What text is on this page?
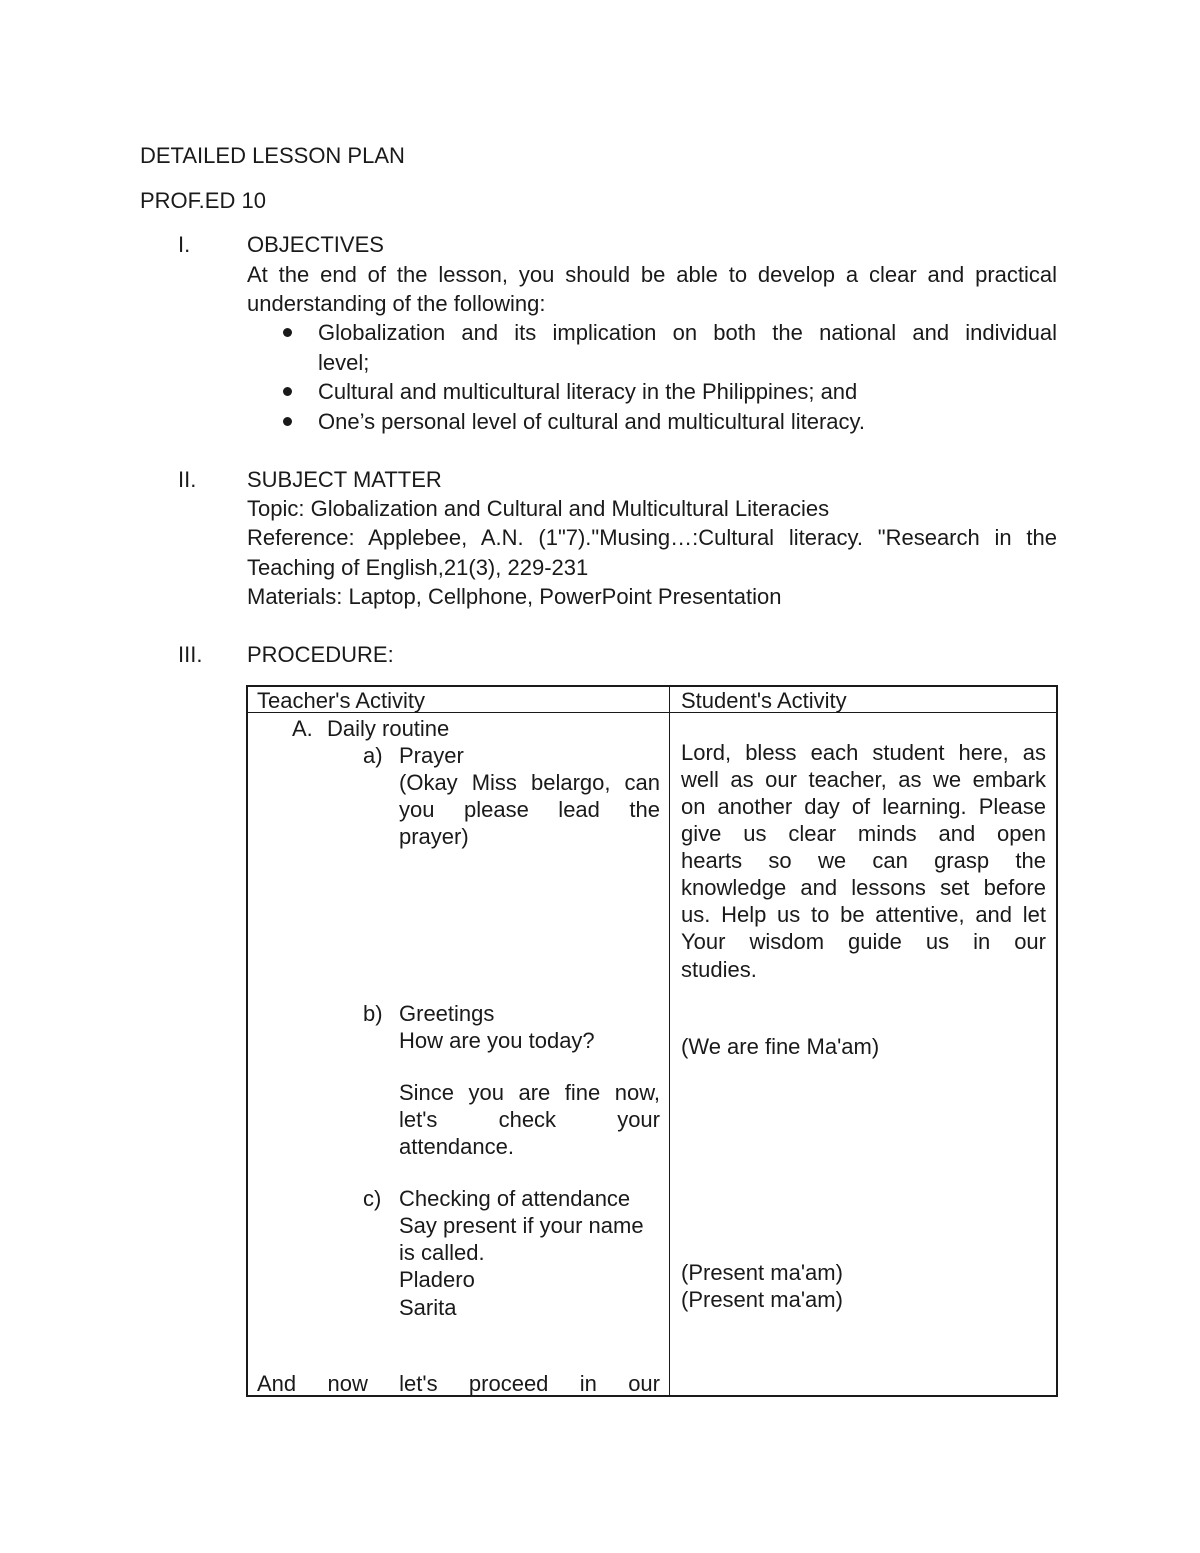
DETAILED LESSON PLAN
PROF.ED 10
I.	OBJECTIVES
At the end of the lesson, you should be able to develop a clear and practical
understanding of the following:
Globalization and its implication on both the national and individual
level;
Cultural and multicultural literacy in the Philippines; and
One’s personal level of cultural and multicultural literacy.
II. SUBJECT MATTER
Topic: Globalization and Cultural and Multicultural Literacies
Reference: Applebee, A.N. (1"7)."Musing…:Cultural literacy. "Research in the
Teaching of English,21(3), 229-231
Materials: Laptop, Cellphone, PowerPoint Presentation
III. PROCEDURE:
Teacher's Activity	Student's Activity
A. Daily routine
a) Prayer
(Okay Miss belargo, can
you please lead the
prayer)
b) Greetings
How are you today?
Since you are fine now,
let's check your
attendance.
c) Checking of attendance
Say present if your name
is called.
Pladero
Sarita
And now let's proceed in our
Lord, bless each student here, as
well as our teacher, as we embark
on another day of learning. Please
give us clear minds and open
hearts so we can grasp the
knowledge and lessons set before
us. Help us to be attentive, and let
Your wisdom guide us in our
studies.
(We are fine Ma'am)
(Present ma'am)
(Present ma'am)
